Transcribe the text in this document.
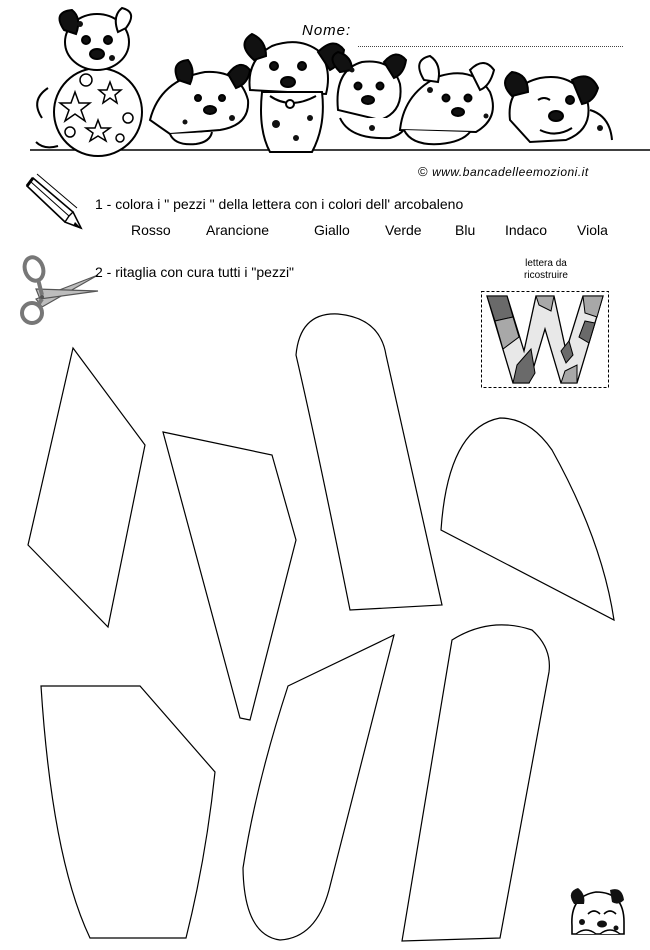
Nome:
© www.bancadelleemozioni.it
1 - colora i " pezzi " della lettera con i colori dell' arcobaleno
Rosso	Arancione	Giallo	Verde Blu Indaco Viola
2 - ritaglia con cura tutti i "pezzi"
lettera da
ricostruire
